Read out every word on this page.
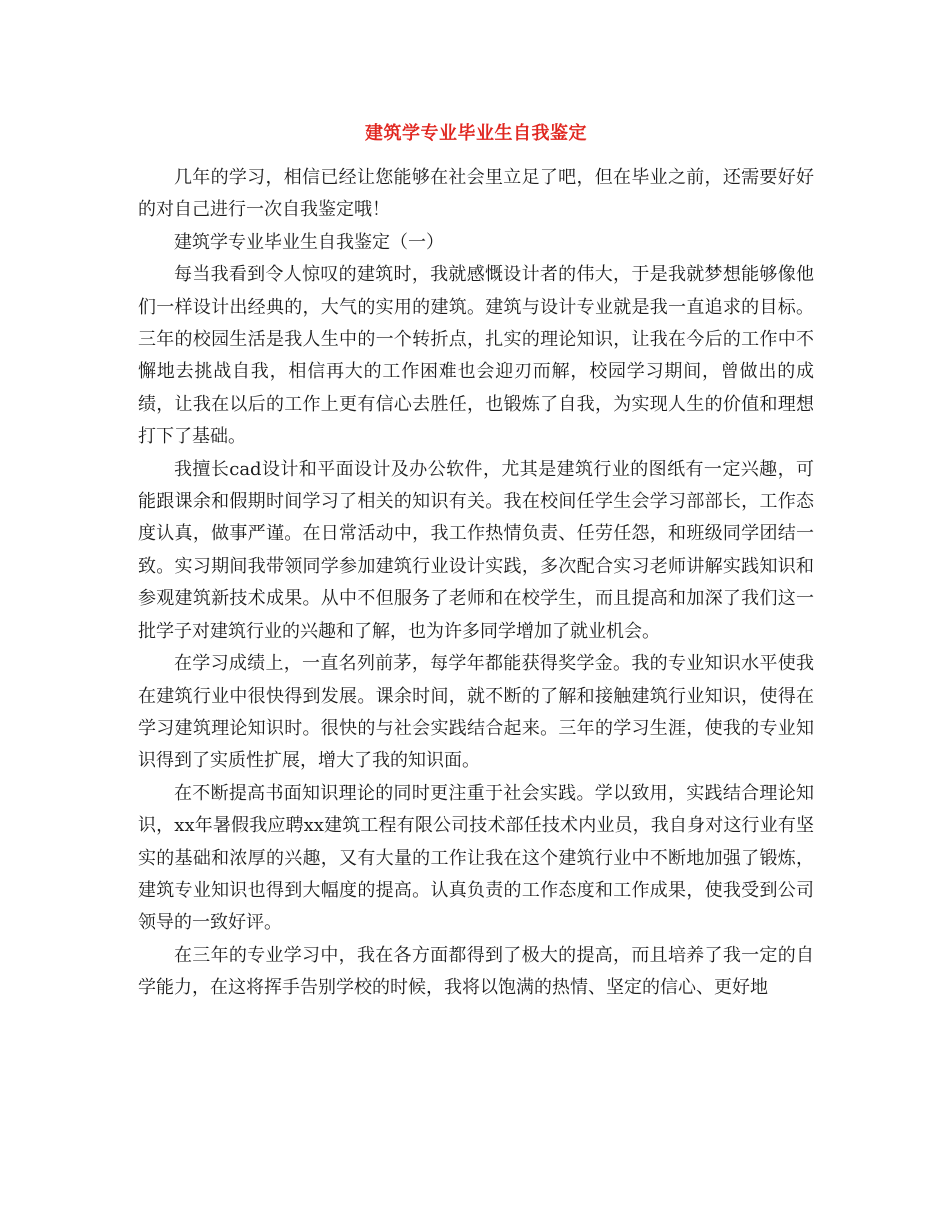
建筑学专业毕业生自我鉴定

几年的学习，相信已经让您能够在社会里立足了吧，但在毕业之前，还需要好好的对自己进行一次自我鉴定哦！

建筑学专业毕业生自我鉴定（一）

每当我看到令人惊叹的建筑时，我就感慨设计者的伟大，于是我就梦想能够像他们一样设计出经典的，大气的实用的建筑。建筑与设计专业就是我一直追求的目标。三年的校园生活是我人生中的一个转折点，扎实的理论知识，让我在今后的工作中不懈地去挑战自我，相信再大的工作困难也会迎刃而解，校园学习期间，曾做出的成绩，让我在以后的工作上更有信心去胜任，也锻炼了自我，为实现人生的价值和理想打下了基础。

我擅长cad设计和平面设计及办公软件，尤其是建筑行业的图纸有一定兴趣，可能跟课余和假期时间学习了相关的知识有关。我在校间任学生会学习部部长，工作态度认真，做事严谨。在日常活动中，我工作热情负责、任劳任怨，和班级同学团结一致。实习期间我带领同学参加建筑行业设计实践，多次配合实习老师讲解实践知识和参观建筑新技术成果。从中不但服务了老师和在校学生，而且提高和加深了我们这一批学子对建筑行业的兴趣和了解，也为许多同学增加了就业机会。

在学习成绩上，一直名列前茅，每学年都能获得奖学金。我的专业知识水平使我在建筑行业中很快得到发展。课余时间，就不断的了解和接触建筑行业知识，使得在学习建筑理论知识时。很快的与社会实践结合起来。三年的学习生涯，使我的专业知识得到了实质性扩展，增大了我的知识面。

在不断提高书面知识理论的同时更注重于社会实践。学以致用，实践结合理论知识，xx年暑假我应聘xx建筑工程有限公司技术部任技术内业员，我自身对这行业有坚实的基础和浓厚的兴趣，又有大量的工作让我在这个建筑行业中不断地加强了锻炼，建筑专业知识也得到大幅度的提高。认真负责的工作态度和工作成果，使我受到公司领导的一致好评。

在三年的专业学习中，我在各方面都得到了极大的提高，而且培养了我一定的自学能力，在这将挥手告别学校的时候，我将以饱满的热情、坚定的信心、更好地
